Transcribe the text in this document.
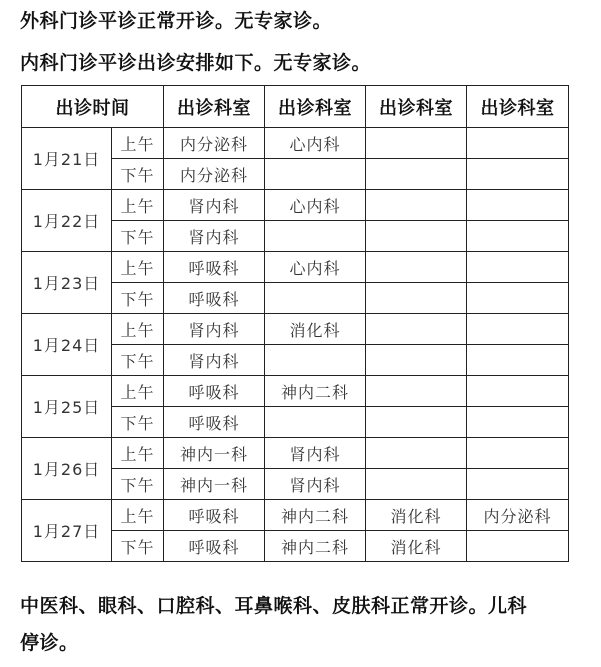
外科门诊平诊正常开诊。无专家诊。
内科门诊平诊出诊安排如下。无专家诊。
出诊时间		出诊科室	出诊科室	出诊科室	出诊科室
1月21日	上午	内分泌科	心内科		
	下午	内分泌科			
1月22日	上午	肾内科	心内科		
	下午	肾内科			
1月23日	上午	呼吸科	心内科		
	下午	呼吸科			
1月24日	上午	肾内科	消化科		
	下午	肾内科			
1月25日	上午	呼吸科	神内二科		
	下午	呼吸科			
1月26日	上午	神内一科	肾内科		
	下午	神内一科	肾内科		
1月27日	上午	呼吸科	神内二科	消化科	内分泌科
	下午	呼吸科	神内二科	消化科	
中医科、眼科、口腔科、耳鼻喉科、皮肤科正常开诊。儿科
停诊。
